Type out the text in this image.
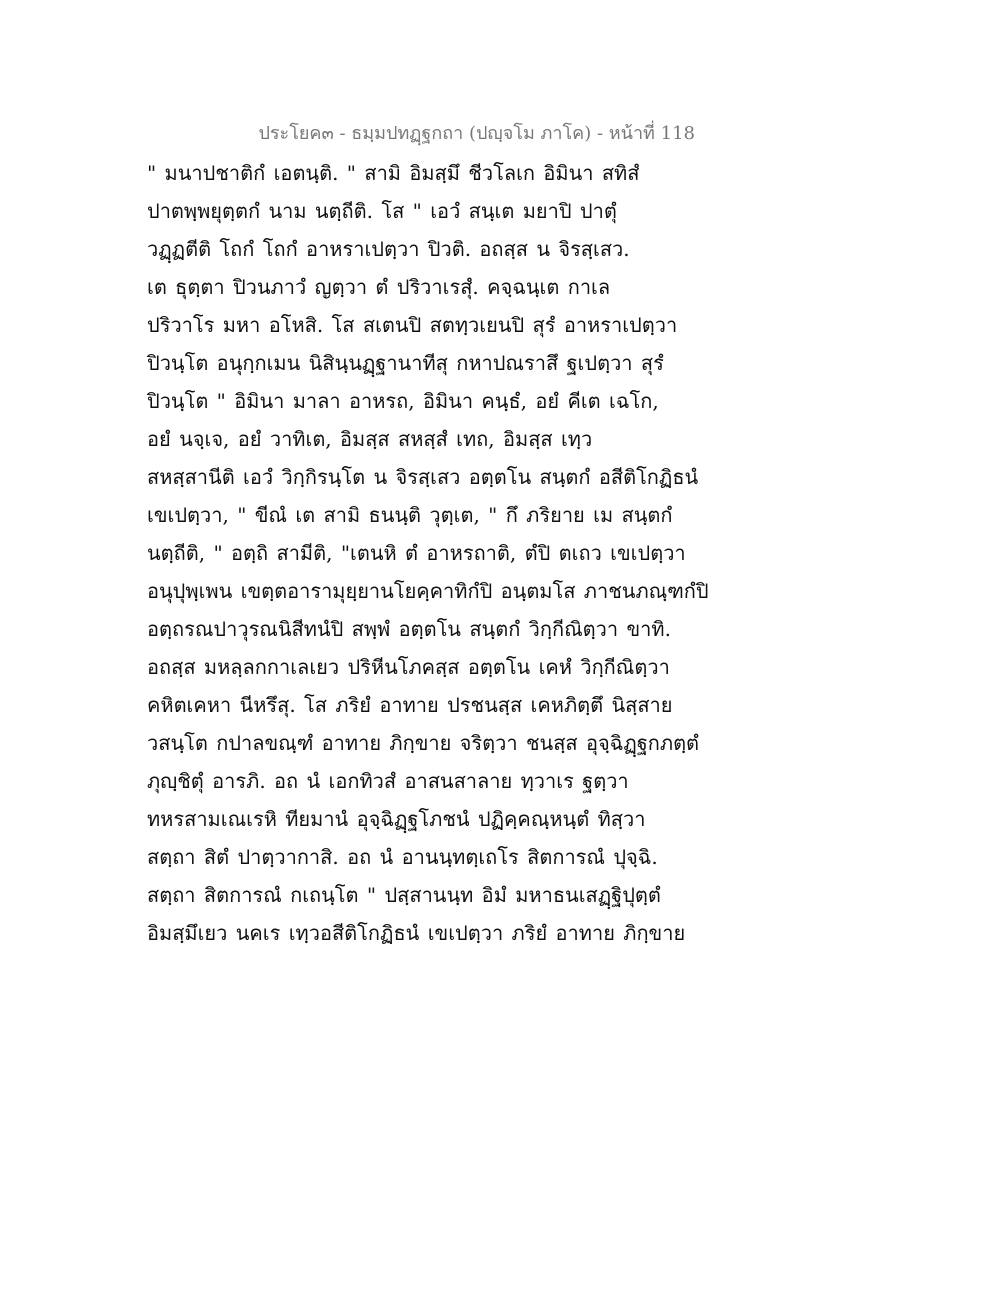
ประโยค๓ - ธมฺมปทฏฺฐกถา (ปญฺจโม ภาโค) - หน้าที่ 118
" มนาปชาติกํ เอตนฺติ. " สามิ อิมสฺมึ ชีวโลเก อิมินา สทิสํ
ปาตพฺพยุตฺตกํ นาม นตฺถีติ. โส " เอวํ สนฺเต มยาปิ ปาตุํ
วฏฺฏตีติ โถกํ โถกํ อาหราเปตฺวา ปิวติ. อถสฺส น จิรสฺเสว.
เต ธุตฺตา ปิวนภาวํ ญตฺวา ตํ ปริวาเรสุํ. คจฺฉนฺเต กาเล
ปริวาโร มหา อโหสิ. โส สเตนปิ สตทฺวเยนปิ สุรํ อาหราเปตฺวา
ปิวนฺโต อนุกฺกเมน นิสินฺนฏฺฐานาทีสุ กหาปณราสึ ฐเปตฺวา สุรํ
ปิวนฺโต " อิมินา มาลา อาหรถ, อิมินา คนฺธํ, อยํ คีเต เฉโก,
อยํ นจฺเจ, อยํ วาทิเต, อิมสฺส สหสฺสํ เทถ, อิมสฺส เทฺว
สหสฺสานีติ เอวํ วิกฺกิรนฺโต น จิรสฺเสว อตฺตโน สนฺตกํ อสีติโกฏิธนํ
เขเปตฺวา, " ขีณํ เต สามิ ธนนฺติ วุตฺเต, " กึ ภริยาย เม สนฺตกํ
นตฺถีติ, " อตฺถิ สามีติ, "เตนหิ ตํ อาหรถาติ, ตํปิ ตเถว เขเปตฺวา
อนุปุพฺเพน เขตฺตอารามุยฺยานโยคฺคาทิกํปิ อนฺตมโส ภาชนภณฺฑกํปิ
อตฺถรณปาวุรณนิสีทนํปิ สพฺพํ อตฺตโน สนฺตกํ วิกฺกีณิตฺวา ขาทิ.
อถสฺส มหลฺลกกาเลเยว ปริหีนโภคสฺส อตฺตโน เคหํ วิกฺกีณิตฺวา
คหิตเคหา นีหรึสุ. โส ภริยํ อาทาย ปรชนสฺส เคหภิตฺตึ นิสฺสาย
วสนฺโต กปาลขณฺฑํ อาทาย ภิกฺขาย จริตฺวา ชนสฺส อุจฺฉิฏฺฐกภตฺตํ
ภุญฺชิตุํ อารภิ. อถ นํ เอกทิวสํ อาสนสาลาย ทฺวาเร ฐตฺวา
ทหรสามเณเรหิ ทียมานํ อุจฺฉิฏฺฐโภชนํ ปฏิคฺคณฺหนฺตํ ทิสฺวา
สตฺถา สิตํ ปาตฺวากาสิ. อถ นํ อานนฺทตฺเถโร สิตการณํ ปุจฺฉิ.
สตฺถา สิตการณํ กเถนฺโต " ปสฺสานนฺท อิมํ มหาธนเสฏฺฐิปุตฺตํ
อิมสฺมึเยว นคเร เทฺวอสีติโกฏิธนํ เขเปตฺวา ภริยํ อาทาย ภิกฺขาย
